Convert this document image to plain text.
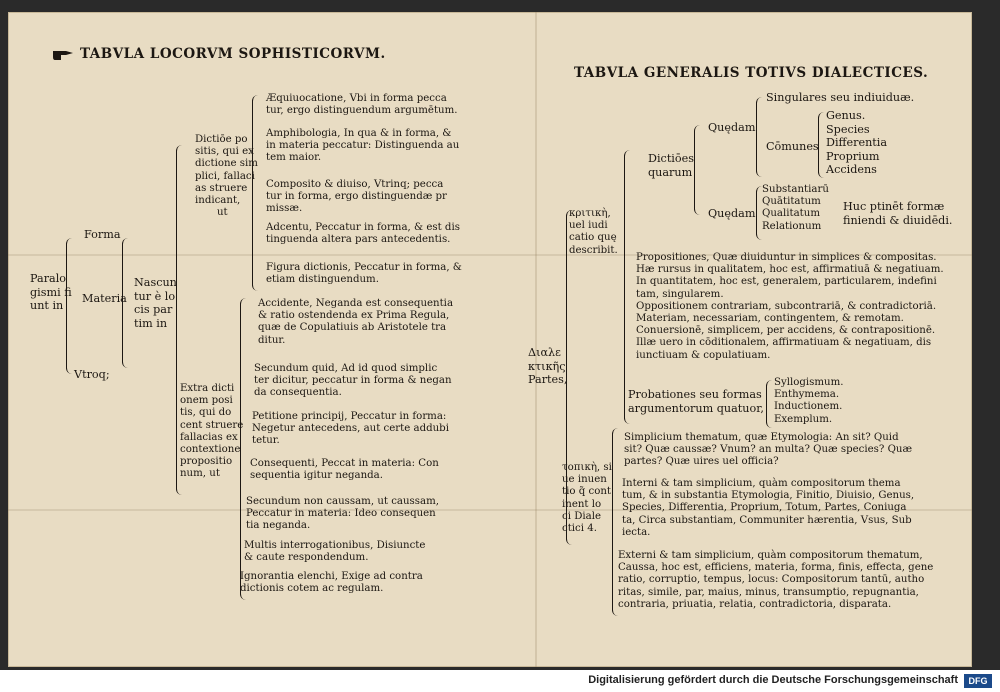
TABVLA LOCORVM SOPHISTICORVM.
TABVLA GENERALIS TOTIVS DIALECTICES.
Paralo
gismi fi
unt in
Forma
Materia
Vtroq;
Nascun
tur è lo
cis par
tim in
Dictiōe po
sitis, qui ex
dictione sim
plici, fallaci
as struere
indicant,
ut
Extra dicti
onem posi
tis, qui do
cent struere
fallacias ex
contextione
propositio
num, ut
Æquiuocatione, Vbi in forma pecca
tur, ergo distinguendum argumētum.
Amphibologia, In qua & in forma, &
in materia peccatur: Distinguenda au
tem maior.
Composito & diuiso, Vtrinq; pecca
tur in forma, ergo distinguendæ pr
missæ.
Adcentu, Peccatur in forma, & est dis
tinguenda altera pars antecedentis.
Figura dictionis, Peccatur in forma, &
etiam distinguendum.
Accidente, Neganda est consequentia
& ratio ostendenda ex Prima Regula,
quæ de Copulatiuis ab Aristotele tra
ditur.
Secundum quid, Ad id quod simplic
ter dicitur, peccatur in forma & negan
da consequentia.
Petitione principij, Peccatur in forma:
Negetur antecedens, aut certe addubi
tetur.
Consequenti, Peccat in materia: Con
sequentia igitur neganda.
Secundum non caussam, ut caussam,
Peccatur in materia: Ideo consequen
tia neganda.
Multis interrogationibus, Disiuncte
& caute respondendum.
Ignorantia elenchi, Exige ad contra
dictionis cotem ac regulam.
Διαλε
κτικῆς
Partes,
κριτικὴ,
uel iudi
catio quę
describit.
τοπικὴ, si
ue inuen
tio q̃ cont
inent lo
ci Diale
ctici 4.
Dictiōes
quarum
Quędam
Quędam
Singulares seu indiuiduæ.
Cōmunes
Genus.
Species
Differentia
Proprium
Accidens
Substantiarū
Quātitatum
Qualitatum
Relationum
Huc ptinēt formæ
finiendi & diuidēdi.
Propositiones, Quæ diuiduntur in simplices & compositas.
Hæ rursus in qualitatem, hoc est, affirmatiuā & negatiuam.
In quantitatem, hoc est, generalem, particularem, indefini
tam, singularem.
Oppositionem contrariam, subcontrariā, & contradictoriā.
Materiam, necessariam, contingentem, & remotam.
Conuersionē, simplicem, per accidens, & contrapositionē.
Illæ uero in cōditionalem, affirmatiuam & negatiuam, dis
iunctiuam & copulatiuam.
Probationes seu formas
argumentorum quatuor,
Syllogismum.
Enthymema.
Inductionem.
Exemplum.
Simplicium thematum, quæ Etymologia: An sit? Quid
sit? Quæ caussæ? Vnum? an multa? Quæ species? Quæ
partes? Quæ uires uel officia?
Interni & tam simplicium, quàm compositorum thema
tum, & in substantia Etymologia, Finitio, Diuisio, Genus,
Species, Differentia, Proprium, Totum, Partes, Coniuga
ta, Circa substantiam, Communiter hærentia, Vsus, Sub
iecta.
Externi & tam simplicium, quàm compositorum thematum,
Caussa, hoc est, efficiens, materia, forma, finis, effecta, gene
ratio, corruptio, tempus, locus: Compositorum tantū, autho
ritas, simile, par, maius, minus, transumptio, repugnantia,
contraria, priuatia, relatia, contradictoria, disparata.
Digitalisierung gefördert durch die Deutsche Forschungsgemeinschaft	DFG
